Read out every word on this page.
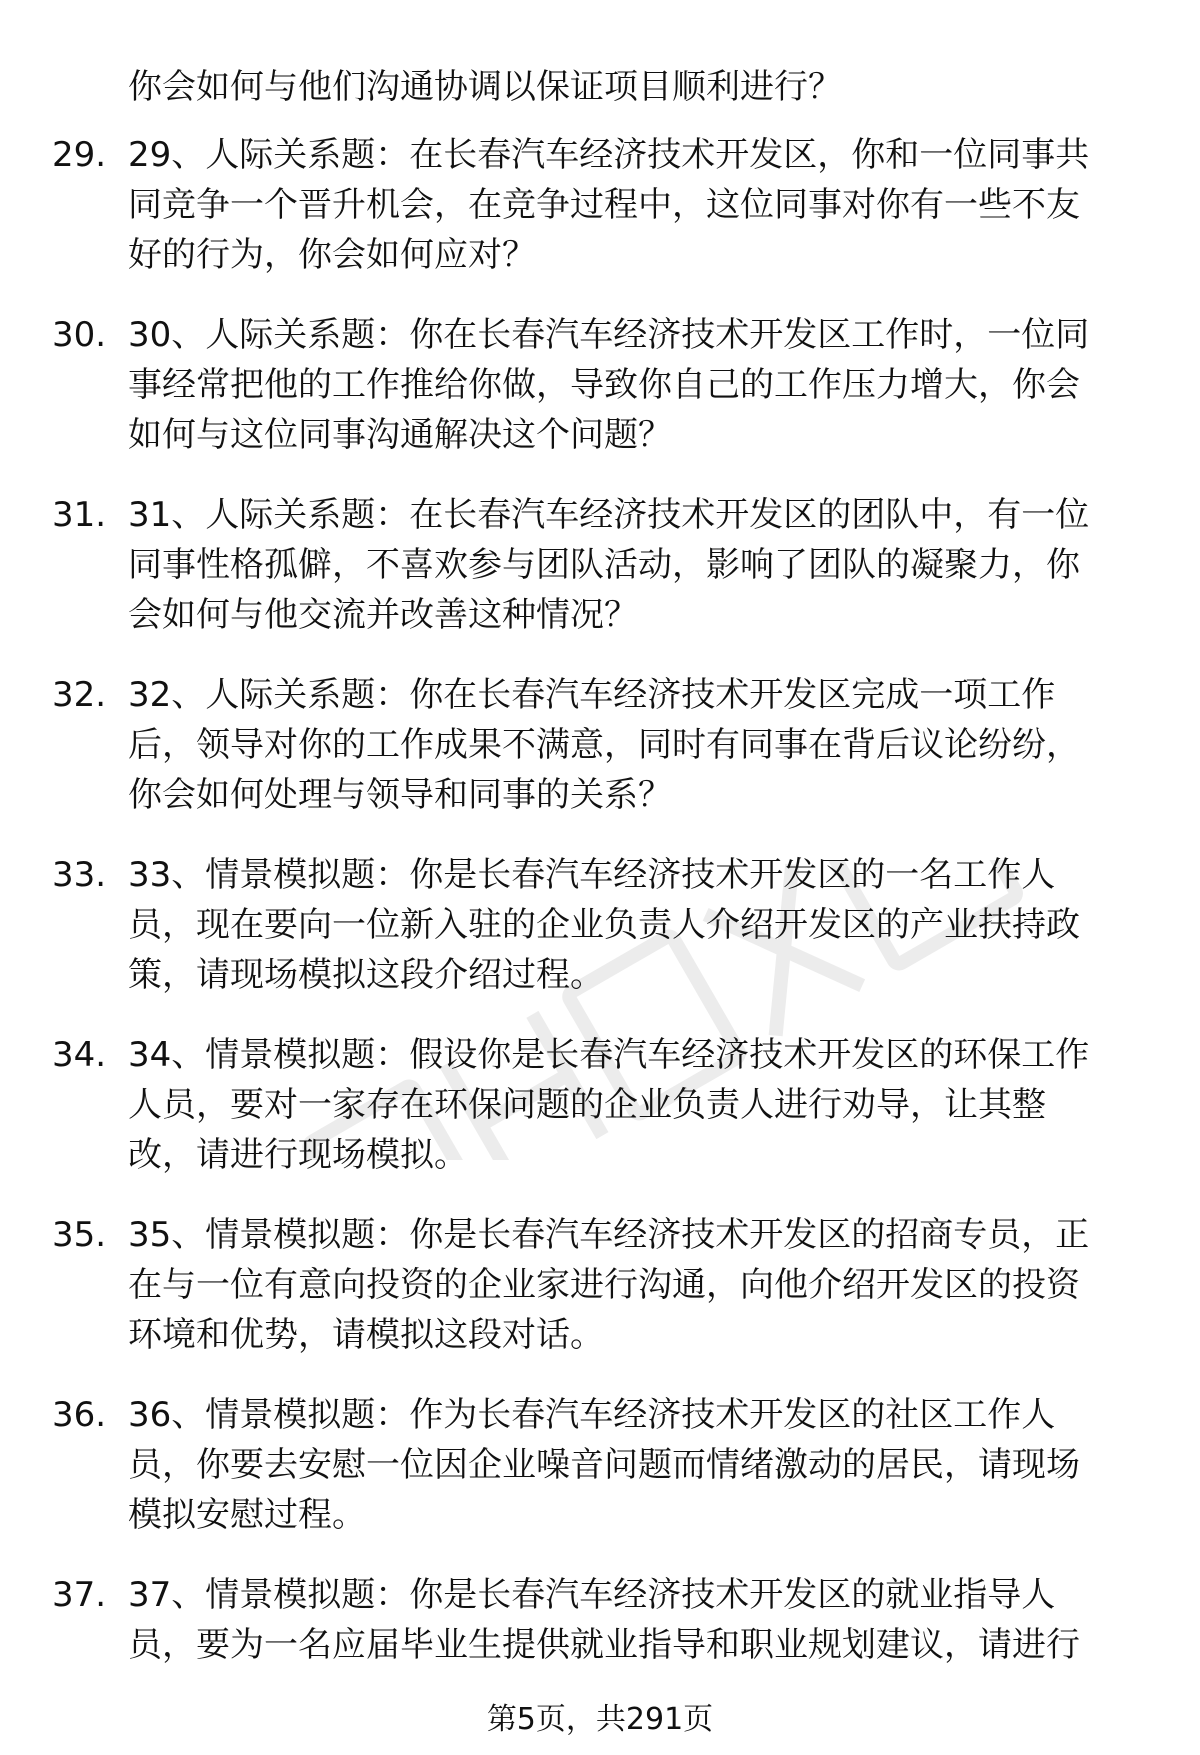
你会如何与他们沟通协调以保证项目顺利进行？
29. 29、人际关系题：在长春汽车经济技术开发区，你和一位同事共
同竞争一个晋升机会，在竞争过程中，这位同事对你有一些不友
好的行为，你会如何应对？
30. 30、人际关系题：你在长春汽车经济技术开发区工作时，一位同
事经常把他的工作推给你做，导致你自己的工作压力增大，你会
如何与这位同事沟通解决这个问题？
31. 31、人际关系题：在长春汽车经济技术开发区的团队中，有一位
同事性格孤僻，不喜欢参与团队活动，影响了团队的凝聚力，你
会如何与他交流并改善这种情况？
32. 32、人际关系题：你在长春汽车经济技术开发区完成一项工作
后，领导对你的工作成果不满意，同时有同事在背后议论纷纷，
你会如何处理与领导和同事的关系？
33. 33、情景模拟题：你是长春汽车经济技术开发区的一名工作人
员，现在要向一位新入驻的企业负责人介绍开发区的产业扶持政
策，请现场模拟这段介绍过程。
34. 34、情景模拟题：假设你是长春汽车经济技术开发区的环保工作
人员，要对一家存在环保问题的企业负责人进行劝导，让其整
改，请进行现场模拟。
35. 35、情景模拟题：你是长春汽车经济技术开发区的招商专员，正
在与一位有意向投资的企业家进行沟通，向他介绍开发区的投资
环境和优势，请模拟这段对话。
36. 36、情景模拟题：作为长春汽车经济技术开发区的社区工作人
员，你要去安慰一位因企业噪音问题而情绪激动的居民，请现场
模拟安慰过程。
37. 37、情景模拟题：你是长春汽车经济技术开发区的就业指导人
员，要为一名应届毕业生提供就业指导和职业规划建议，请进行
第5页，共291页
